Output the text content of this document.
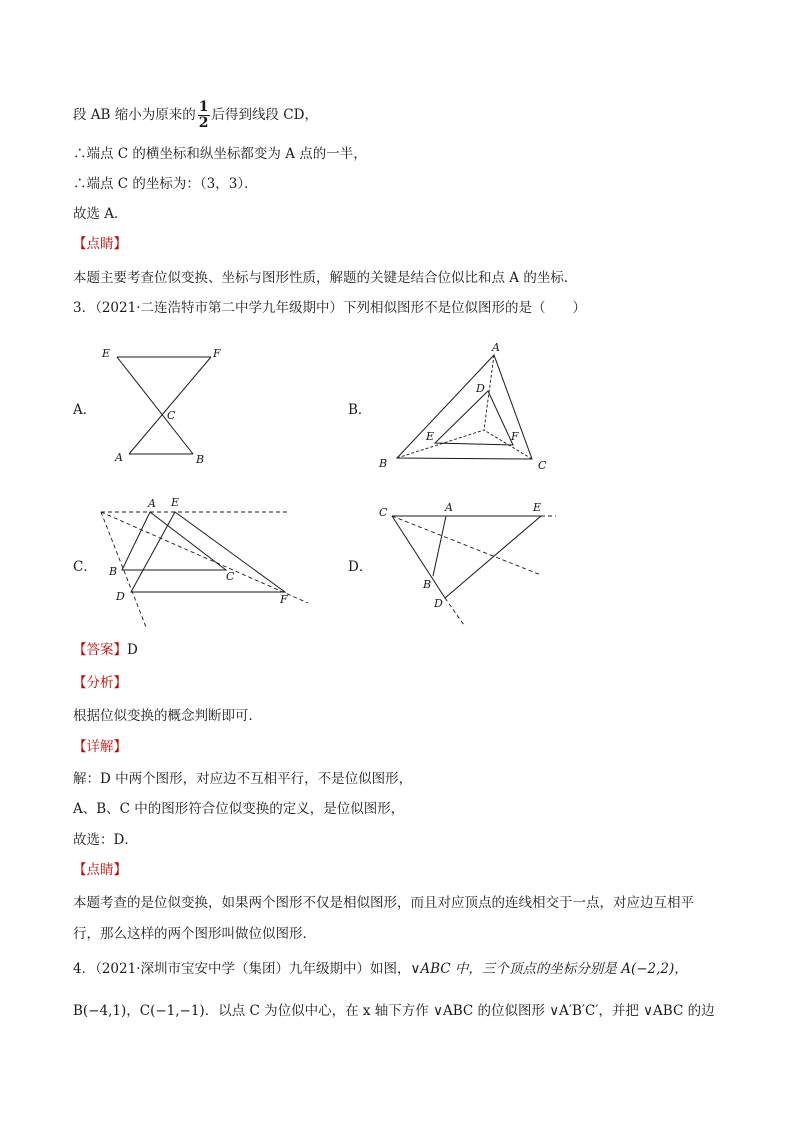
段 AB 缩小为原来的 $\frac{1}{2}$ 后得到线段 CD，
∴端点 C 的横坐标和纵坐标都变为 A 点的一半，
∴端点 C 的坐标为：（3，3）．
故选 A．
【点睛】
本题主要考查位似变换、坐标与图形性质，解题的关键是结合位似比和点 A 的坐标．
3．（2021·二连浩特市第二中学九年级期中）下列相似图形不是位似图形的是（　　）
A．	B．
C．	D．
E	F
C
A	B
A
D
E	F
B	C
A E
B	C
D	F
C	A	E
B
D
【答案】D
【分析】
根据位似变换的概念判断即可．
【详解】
解：D 中两个图形，对应边不互相平行，不是位似图形，
A、B、C 中的图形符合位似变换的定义，是位似图形，
故选：D．
【点睛】
本题考查的是位似变换，如果两个图形不仅是相似图形，而且对应顶点的连线相交于一点，对应边互相平
行，那么这样的两个图形叫做位似图形．
4．（2021·深圳市宝安中学（集团）九年级期中）如图，∨ABC 中，三个顶点的坐标分别是 A(−2,2)，
B(−4,1)，C(−1,−1)．以点 C 为位似中心，在 x 轴下方作 ∨ABC 的位似图形 ∨A′B′C′，并把 ∨ABC 的边
